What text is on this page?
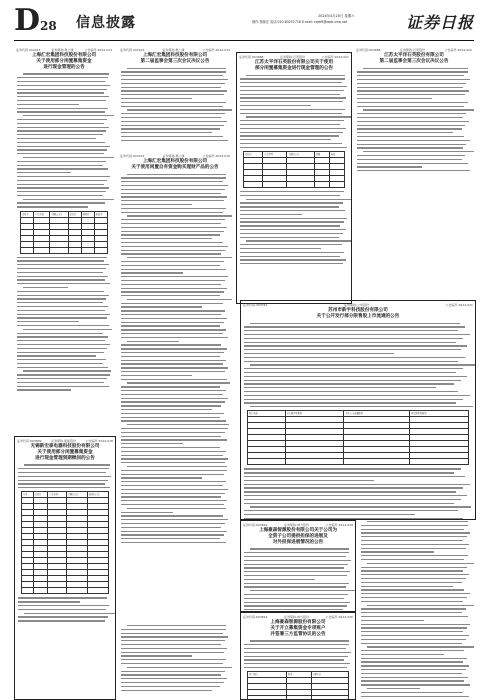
D28 信息披露	2024年4月20日 星期六
制作:蔡晓宏 电话:010-83251716 E-mail: zqrb9@zqrb.sina.net	证券日报
证券代码:002913	证券简称:奥士康	公告编号:2024-014
上海汇宏集团科技股份有限公司
关于使用部分闲置募集资金
进行现金管理的公告
受托方	产品名称	金额(万元)	起息日	到期日	收益率

证券代码:002913	证券简称:奥士康	公告编号:2024-015
上海汇宏集团科技股份有限公司
第二届监事会第三次会议决议公告
证券代码:002913	证券简称:奥士康	公告编号:2024-016
上海汇宏集团科技股份有限公司
关于使用闲置自有资金购买理财产品的公告
证券代码:603688	证券简称:石英股份	公告编号:2024-021
江苏太平洋石英股份有限公司关于使用
部分闲置募集资金进行现金管理的公告
受托方	产品类型	金额(万元)	期限	收益

证券代码:603688	证券简称:石英股份	公告编号:2024-022
江苏太平洋石英股份有限公司
第二届监事会第三次会议决议公告
证券代码:300761	证券简称:立华股份	公告编号:2024-031
苏州市新宇科技股份有限公司
关于公开发行部分限售股上市流通的公告
股东名称	持有限售股数量	本次上市流通数量	剩余限售股数量

证券代码:603809	证券简称:豪能股份	公告编号:2024-018
无锡新宏泰电器科技股份有限公司
关于使用部分闲置募集资金
进行现金管理到期赎回的公告
序号	受托方	产品名称	金额(万元)	收益(万元)

证券代码:603819	证券简称:神力股份	公告编号:2024-029
上海豪森智源股份有限公司关于公司为
全资子公司提供担保的进展及
对外担保进展情况的公告
证券代码:603819	证券简称:神力股份	公告编号:2024-030
上海豪森智源股份有限公司
关于开立募集资金专项账户
并签署三方监管协议的公告
开户银行	账号	金额(元)
